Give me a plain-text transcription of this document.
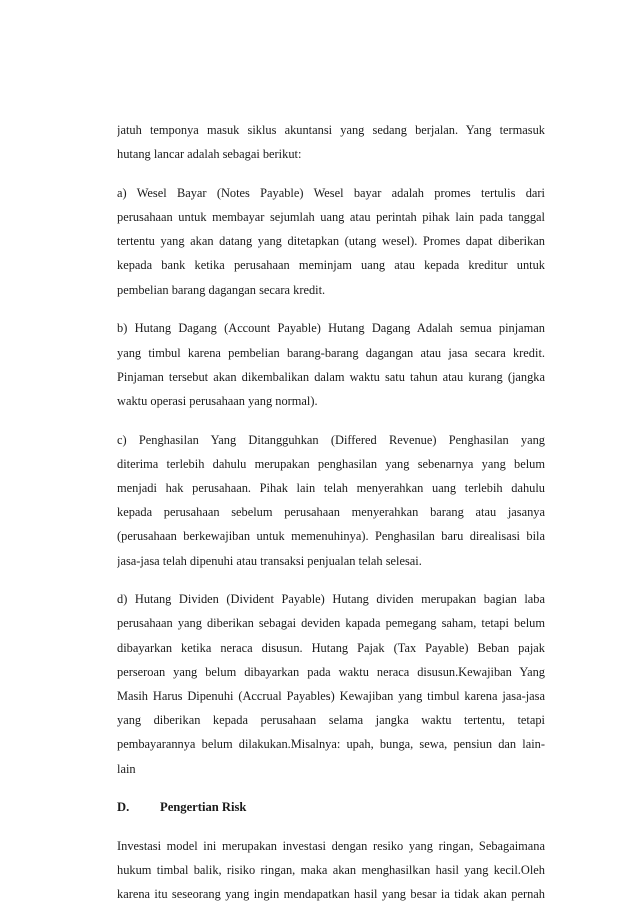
jatuh temponya masuk siklus akuntansi yang sedang berjalan. Yang termasuk

hutang lancar adalah sebagai berikut:

a) Wesel Bayar (Notes Payable) Wesel bayar adalah promes tertulis dari

perusahaan untuk membayar sejumlah uang atau perintah pihak lain pada tanggal

tertentu yang akan datang yang ditetapkan (utang wesel). Promes dapat diberikan

kepada bank ketika perusahaan meminjam uang atau kepada kreditur untuk

pembelian barang dagangan secara kredit.

b) Hutang Dagang (Account Payable) Hutang Dagang Adalah semua pinjaman

yang timbul karena pembelian barang-barang dagangan atau jasa secara kredit.

Pinjaman tersebut akan dikembalikan dalam waktu satu tahun atau kurang (jangka

waktu operasi perusahaan yang normal).

c) Penghasilan Yang Ditangguhkan (Differed Revenue) Penghasilan yang

diterima terlebih dahulu merupakan penghasilan yang sebenarnya yang belum

menjadi hak perusahaan. Pihak lain telah menyerahkan uang terlebih dahulu

kepada perusahaan sebelum perusahaan menyerahkan barang atau jasanya

(perusahaan berkewajiban untuk memenuhinya). Penghasilan baru direalisasi bila

jasa-jasa telah dipenuhi atau transaksi penjualan telah selesai.

d) Hutang Dividen (Divident Payable) Hutang dividen merupakan bagian laba

perusahaan yang diberikan sebagai deviden kapada pemegang saham, tetapi belum

dibayarkan ketika neraca disusun. Hutang Pajak (Tax Payable) Beban pajak

perseroan yang belum dibayarkan pada waktu neraca disusun.Kewajiban Yang

Masih Harus Dipenuhi (Accrual Payables) Kewajiban yang timbul karena jasa-jasa

yang diberikan kepada perusahaan selama jangka waktu tertentu, tetapi

pembayarannya belum dilakukan.Misalnya: upah, bunga, sewa, pensiun dan lain-

lain

D. Pengertian Risk

Investasi model ini merupakan investasi dengan resiko yang ringan, Sebagaimana

hukum timbal balik, risiko ringan, maka akan menghasilkan hasil yang kecil.Oleh

karena itu seseorang yang ingin mendapatkan hasil yang besar ia tidak akan pernah
